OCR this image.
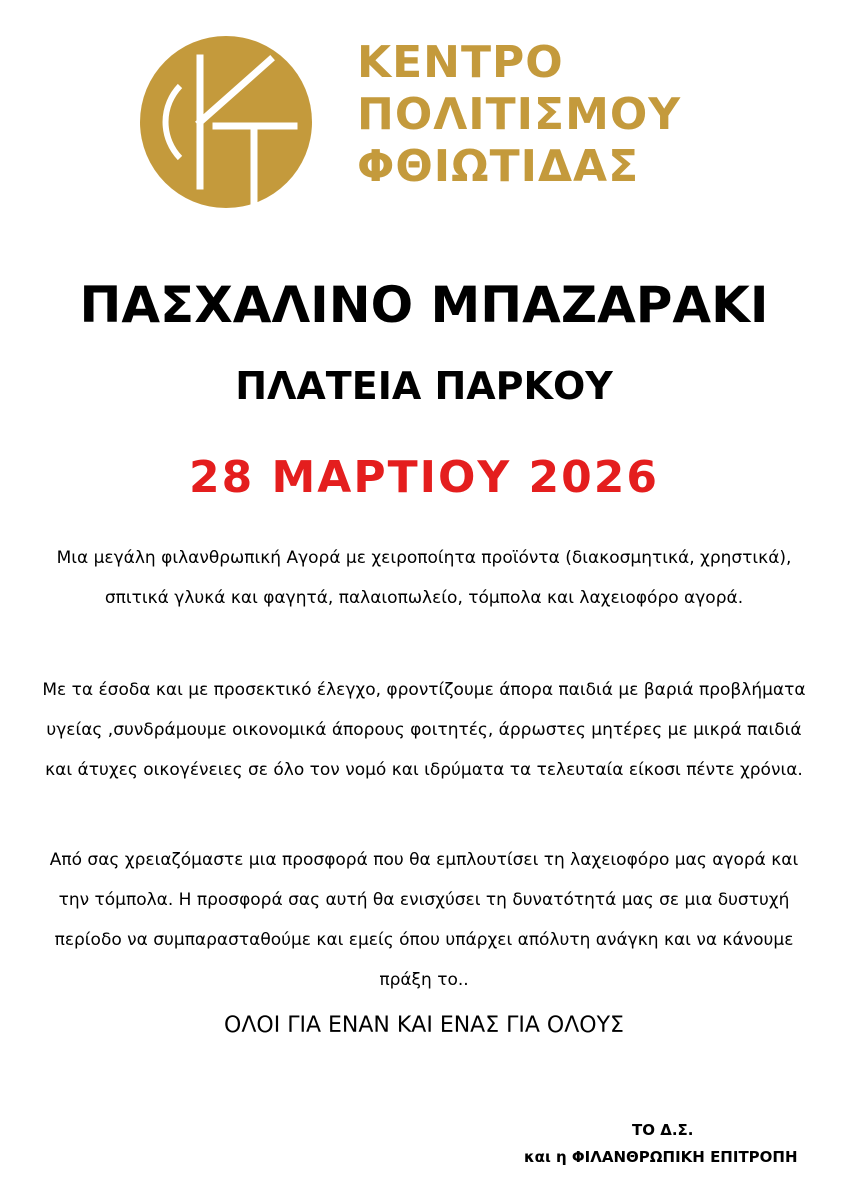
ΚΕΝΤΡΟ
ΠΟΛΙΤΙΣΜΟΥ
ΦΘΙΩΤΙΔΑΣ
ΠΑΣΧΑΛΙΝΟ ΜΠΑΖΑΡΑΚΙ
ΠΛΑΤΕΙΑ ΠΑΡΚΟΥ
28 ΜΑΡΤΙΟΥ 2026
Μια μεγάλη φιλανθρωπική Αγορά με χειροποίητα προϊόντα (διακοσμητικά, χρηστικά),
σπιτικά γλυκά και φαγητά, παλαιοπωλείο, τόμπολα και λαχειοφόρο αγορά.
Με τα έσοδα και με προσεκτικό έλεγχο, φροντίζουμε άπορα παιδιά με βαριά προβλήματα
υγείας ,συνδράμουμε οικονομικά άπορους φοιτητές, άρρωστες μητέρες με μικρά παιδιά
και άτυχες οικογένειες σε όλο τον νομό και ιδρύματα τα τελευταία είκοσι πέντε χρόνια.
Από σας χρειαζόμαστε μια προσφορά που θα εμπλουτίσει τη λαχειοφόρο μας αγορά και
την τόμπολα. Η προσφορά σας αυτή θα ενισχύσει τη δυνατότητά μας σε μια δυστυχή
περίοδο να συμπαρασταθούμε και εμείς όπου υπάρχει απόλυτη ανάγκη και να κάνουμε
πράξη το..
ΟΛΟΙ ΓΙΑ ΕΝΑΝ ΚΑΙ ΕΝΑΣ ΓΙΑ ΟΛΟΥΣ
ΤΟ Δ.Σ.
και η ΦΙΛΑΝΘΡΩΠΙΚΗ ΕΠΙΤΡΟΠΗ
